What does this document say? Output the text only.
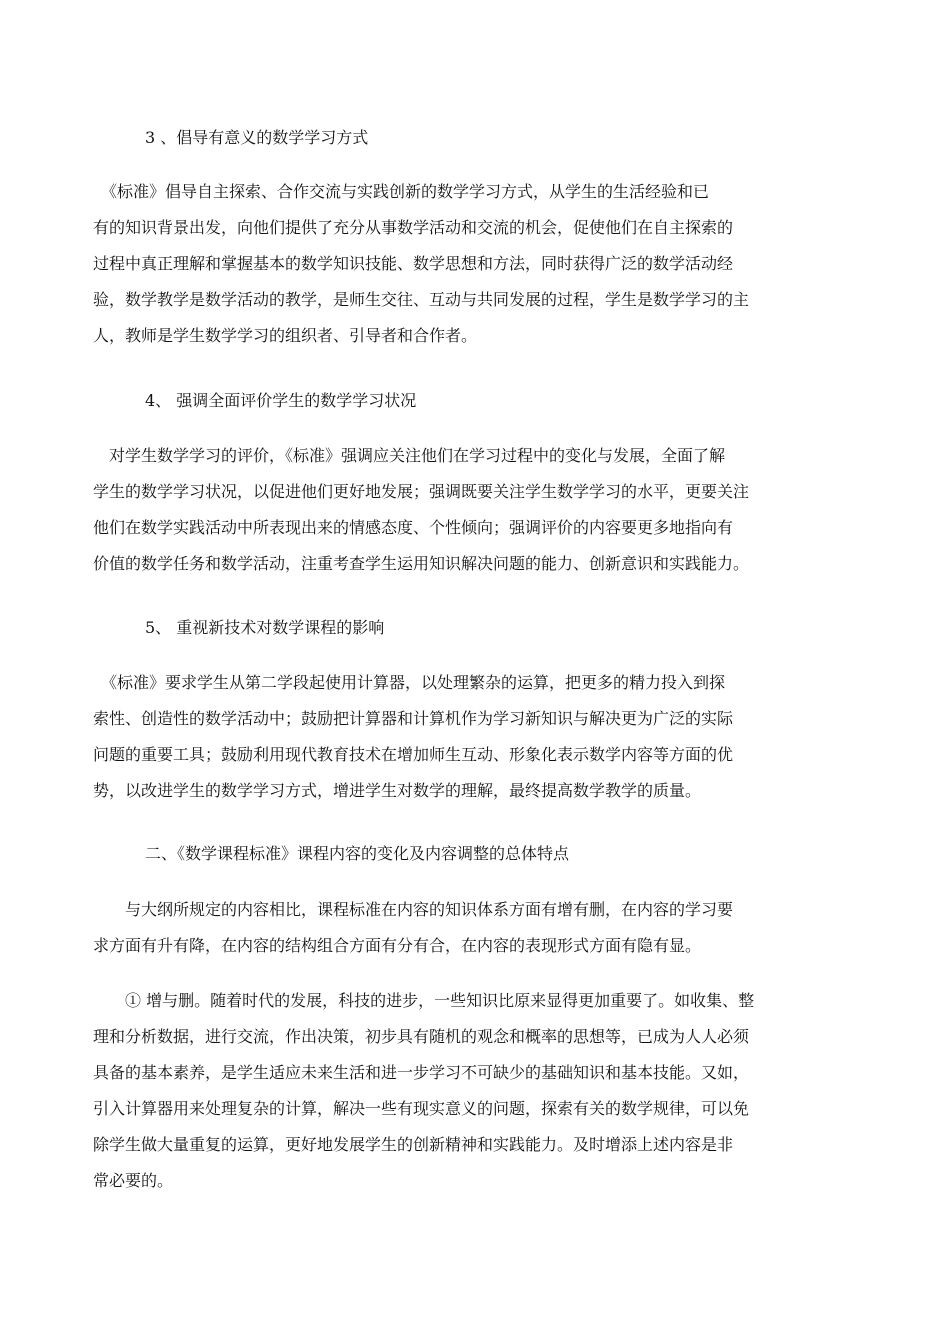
3 、倡导有意义的数学学习方式
　《标准》倡导自主探索、合作交流与实践创新的数学学习方式，从学生的生活经验和已
有的知识背景出发，向他们提供了充分从事数学活动和交流的机会，促使他们在自主探索的
过程中真正理解和掌握基本的数学知识技能、数学思想和方法，同时获得广泛的数学活动经
验，数学教学是数学活动的教学，是师生交往、互动与共同发展的过程，学生是数学学习的主
人，教师是学生数学学习的组织者、引导者和合作者。
4、 强调全面评价学生的数学学习状况
　对学生数学学习的评价，《标准》强调应关注他们在学习过程中的变化与发展，全面了解
学生的数学学习状况，以促进他们更好地发展；强调既要关注学生数学学习的水平，更要关注
他们在数学实践活动中所表现出来的情感态度、个性倾向；强调评价的内容要更多地指向有
价值的数学任务和数学活动，注重考查学生运用知识解决问题的能力、创新意识和实践能力。
5、 重视新技术对数学课程的影响
　《标准》要求学生从第二学段起使用计算器，以处理繁杂的运算，把更多的精力投入到探
索性、创造性的数学活动中；鼓励把计算器和计算机作为学习新知识与解决更为广泛的实际
问题的重要工具；鼓励利用现代教育技术在增加师生互动、形象化表示数学内容等方面的优
势，以改进学生的数学学习方式，增进学生对数学的理解，最终提高数学教学的质量。
二、《数学课程标准》课程内容的变化及内容调整的总体特点
　　与大纲所规定的内容相比，课程标准在内容的知识体系方面有增有删，在内容的学习要
求方面有升有降，在内容的结构组合方面有分有合，在内容的表现形式方面有隐有显。
　　① 增与删。随着时代的发展，科技的进步，一些知识比原来显得更加重要了。如收集、整
理和分析数据，进行交流，作出决策，初步具有随机的观念和概率的思想等，已成为人人必须
具备的基本素养，是学生适应未来生活和进一步学习不可缺少的基础知识和基本技能。又如，
引入计算器用来处理复杂的计算，解决一些有现实意义的问题，探索有关的数学规律，可以免
除学生做大量重复的运算，更好地发展学生的创新精神和实践能力。及时增添上述内容是非
常必要的。
